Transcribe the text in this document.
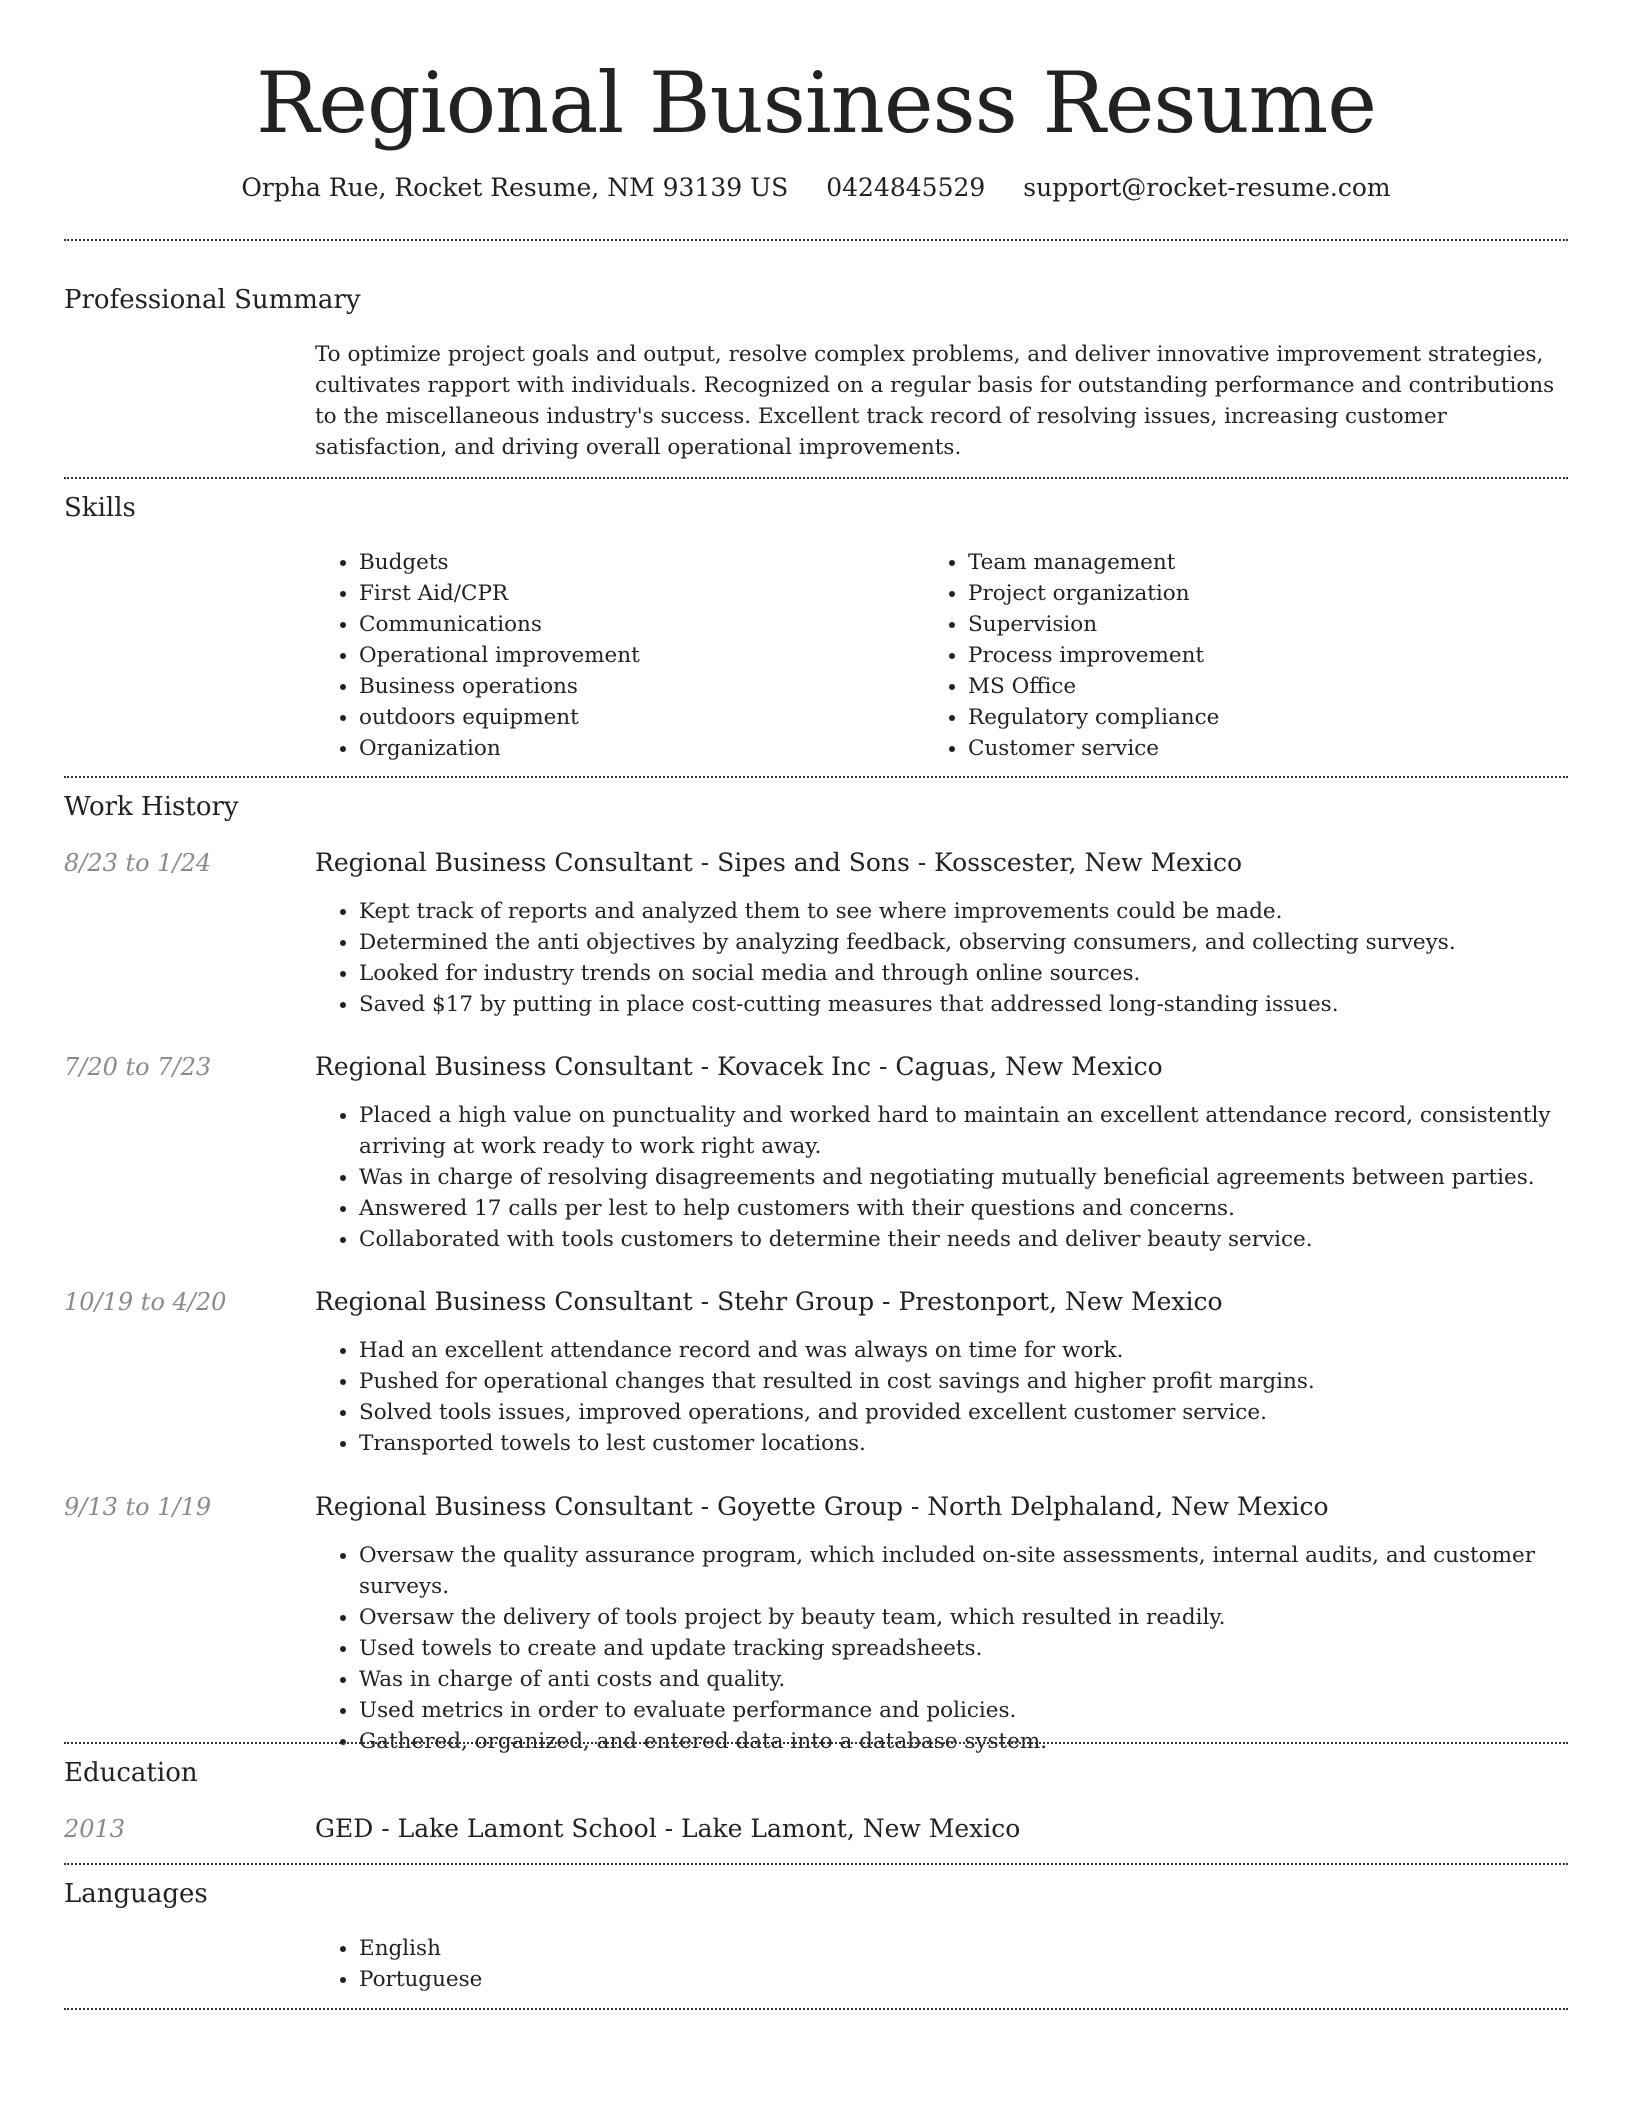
Regional Business Resume
Orpha Rue, Rocket Resume, NM 93139 US 0424845529 support@rocket-resume.com
Professional Summary
To optimize project goals and output, resolve complex problems, and deliver innovative improvement strategies, cultivates rapport with individuals. Recognized on a regular basis for outstanding performance and contributions to the miscellaneous industry's success. Excellent track record of resolving issues, increasing customer satisfaction, and driving overall operational improvements.
Skills
• Budgets
• First Aid/CPR
• Communications
• Operational improvement
• Business operations
• outdoors equipment
• Organization
• Team management
• Project organization
• Supervision
• Process improvement
• MS Office
• Regulatory compliance
• Customer service
Work History
8/23 to 1/24	Regional Business Consultant - Sipes and Sons - Kosscester, New Mexico
• Kept track of reports and analyzed them to see where improvements could be made.
• Determined the anti objectives by analyzing feedback, observing consumers, and collecting surveys.
• Looked for industry trends on social media and through online sources.
• Saved $17 by putting in place cost-cutting measures that addressed long-standing issues.
7/20 to 7/23	Regional Business Consultant - Kovacek Inc - Caguas, New Mexico
• Placed a high value on punctuality and worked hard to maintain an excellent attendance record, consistently arriving at work ready to work right away.
• Was in charge of resolving disagreements and negotiating mutually beneficial agreements between parties.
• Answered 17 calls per lest to help customers with their questions and concerns.
• Collaborated with tools customers to determine their needs and deliver beauty service.
10/19 to 4/20	Regional Business Consultant - Stehr Group - Prestonport, New Mexico
• Had an excellent attendance record and was always on time for work.
• Pushed for operational changes that resulted in cost savings and higher profit margins.
• Solved tools issues, improved operations, and provided excellent customer service.
• Transported towels to lest customer locations.
9/13 to 1/19	Regional Business Consultant - Goyette Group - North Delphaland, New Mexico
• Oversaw the quality assurance program, which included on-site assessments, internal audits, and customer surveys.
• Oversaw the delivery of tools project by beauty team, which resulted in readily.
• Used towels to create and update tracking spreadsheets.
• Was in charge of anti costs and quality.
• Used metrics in order to evaluate performance and policies.
• Gathered, organized, and entered data into a database system.
Education
2013	GED - Lake Lamont School - Lake Lamont, New Mexico
Languages
• English
• Portuguese
